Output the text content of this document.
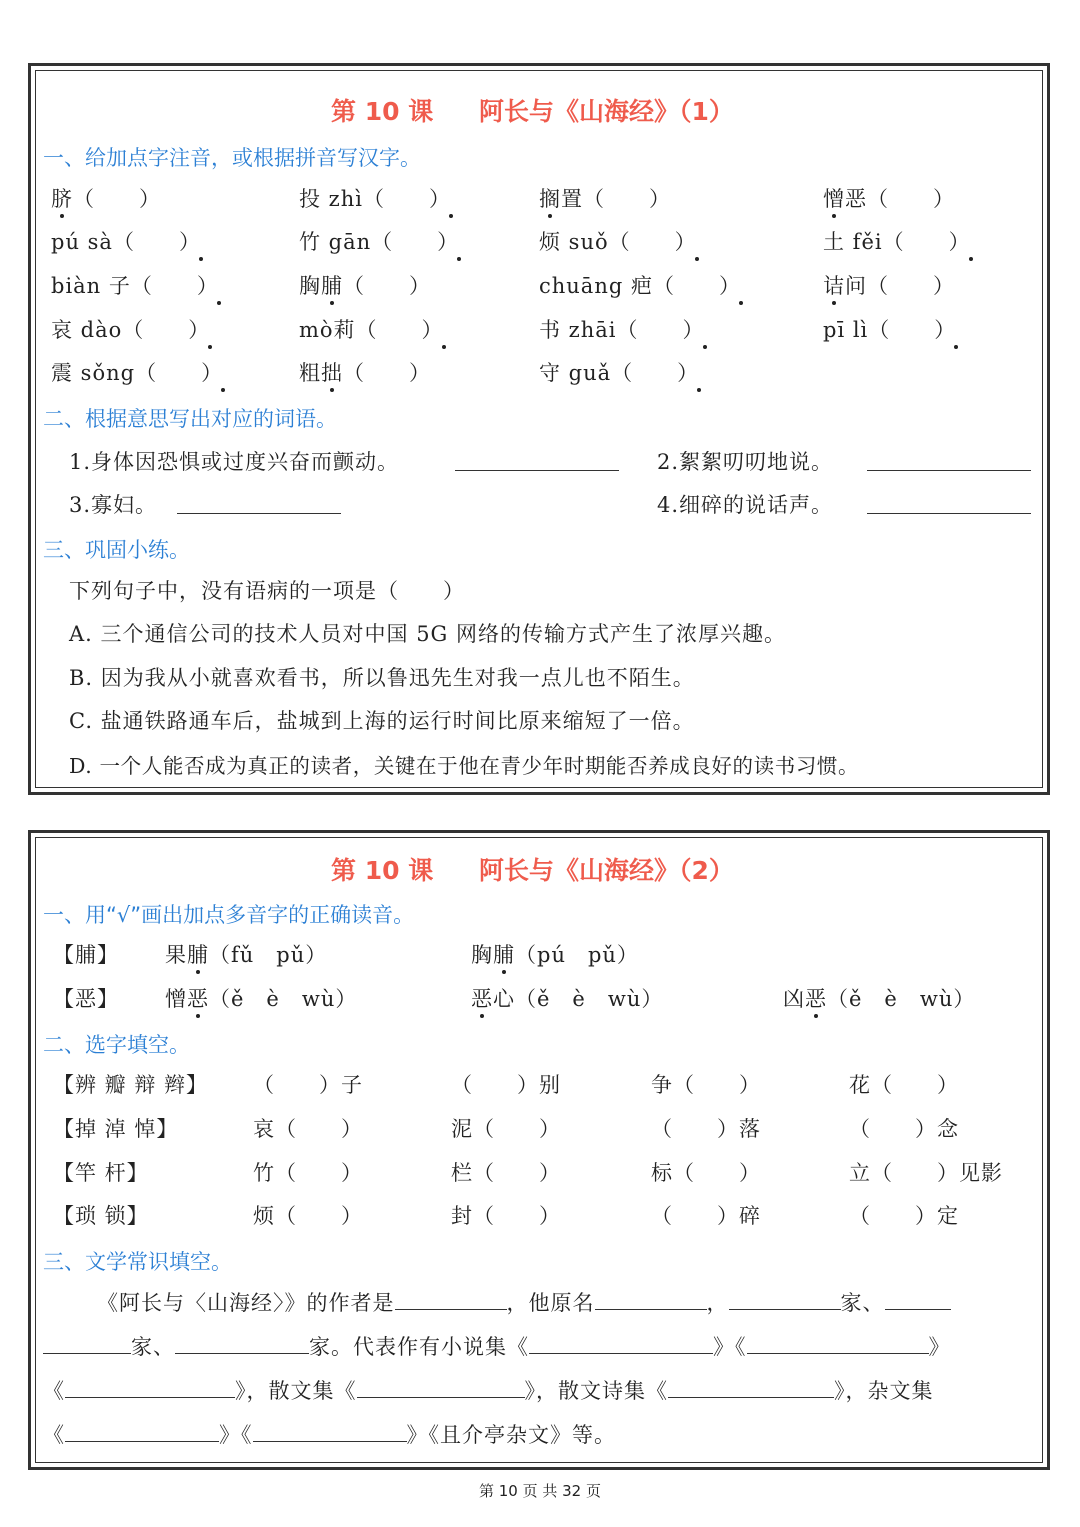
第 10 课 阿长与《山海经》（1）
一、给加点字注音，或根据拼音写汉字。
脐（　　）	投 zhì（　　）	搁置（　　）	憎恶（　　）
pú sà（　　）	竹 gān（　　）	烦 suǒ（　　）	土 fěi（　　）
biàn 子（　　）	胸脯（　　）	chuāng 疤（　　）	诘问（　　）
哀 dào（　　）	mò莉（　　）	书 zhāi（　　）	pī lì（　　）
震 sǒng（　　）	粗拙（　　）	守 guǎ（　　）
二、根据意思写出对应的词语。
1.身体因恐惧或过度兴奋而颤动。	2.絮絮叨叨地说。
3.寡妇。	4.细碎的说话声。
三、巩固小练。
下列句子中，没有语病的一项是（　　）
A. 三个通信公司的技术人员对中国 5G 网络的传输方式产生了浓厚兴趣。
B. 因为我从小就喜欢看书，所以鲁迅先生对我一点儿也不陌生。
C. 盐通铁路通车后，盐城到上海的运行时间比原来缩短了一倍。
D. 一个人能否成为真正的读者，关键在于他在青少年时期能否养成良好的读书习惯。
第 10 课 阿长与《山海经》（2）
一、用“√”画出加点多音字的正确读音。
【脯】 果脯（fǔ　pǔ）	胸脯（pú　pǔ）
【恶】 憎恶（ě　è　wù）	恶心（ě　è　wù）	凶恶（ě　è　wù）
二、选字填空。
【辨 瓣 辩 辫】 （　　）子	（　　）别	争（　　）	花（　　）
【掉 淖 悼】	哀（　　）	泥（　　）	（　　）落	（　　）念
【竿 杆】	竹（　　）	栏（　　）	标（　　）	立（　　）见影
【琐 锁】	烦（　　）	封（　　）	（　　）碎	（　　）定
三、文学常识填空。
《阿长与〈山海经〉》的作者是	，他原名	，	家、
家、	家。代表作有小说集《	》《	》
《	》，散文集《	》，散文诗集《	》，杂文集
《	》《	》《且介亭杂文》等。
第 10 页 共 32 页
